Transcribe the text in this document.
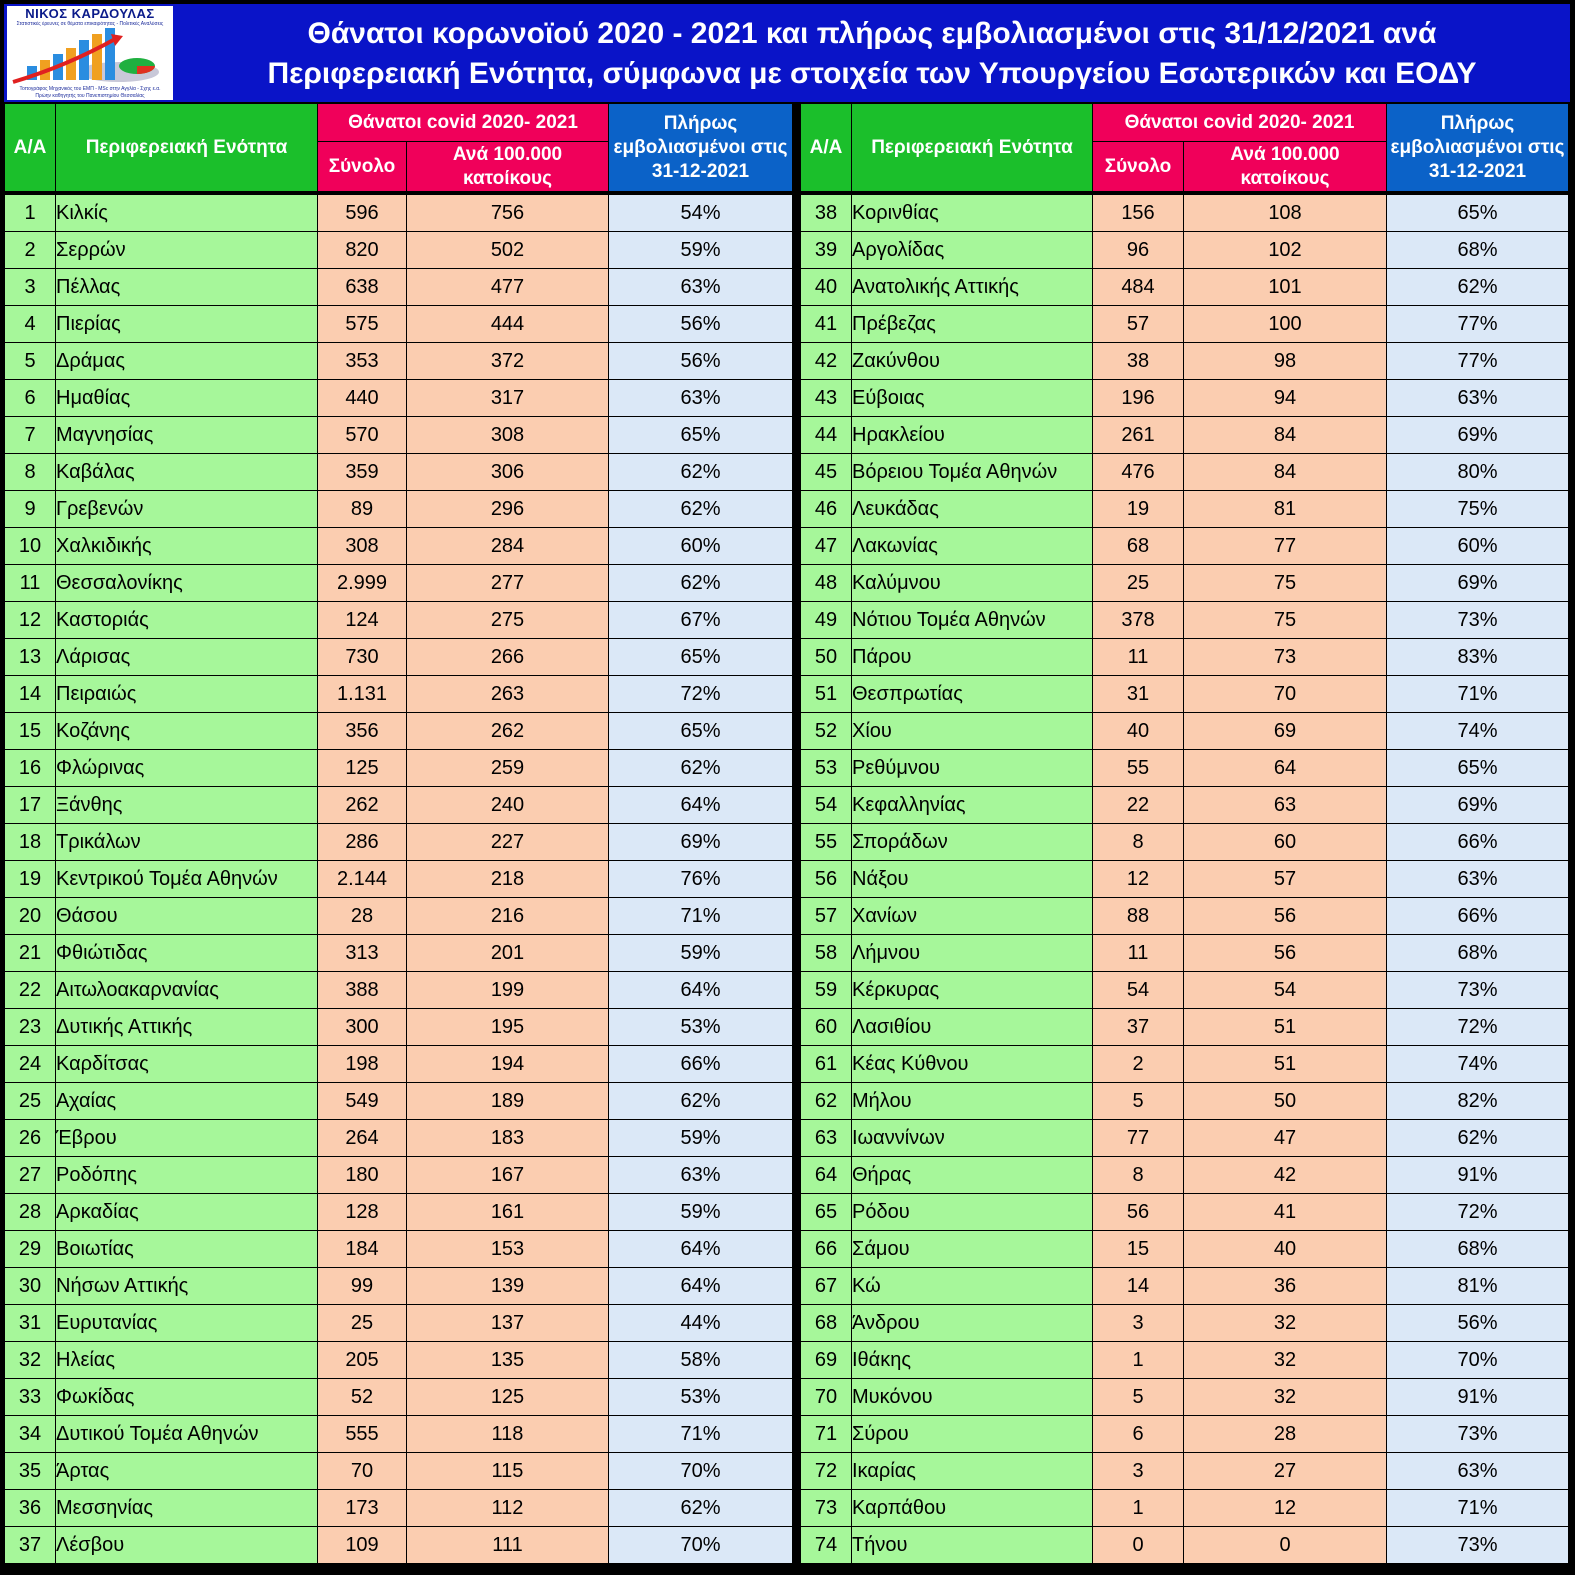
ΝΙΚΟΣ ΚΑΡΔΟΥΛΑΣ
Στατιστικές έρευνες σε θέματα επικαιρότητας - Πολιτικές Αναλύσεις
Τοπογράφος Μηχανικός του ΕΜΠ - MSc στην Αγγλία - Σχης ε.α.
Πρώην καθηγητής του Πανεπιστημίου Θεσσαλίας
Θάνατοι κορωνοϊού 2020 - 2021 και πλήρως εμβολιασμένοι στις 31/12/2021 ανά
Περιφερειακή Ενότητα, σύμφωνα με στοιχεία των Υπουργείου Εσωτερικών και ΕΟΔΥ
Α/Α	Περιφερειακή Ενότητα	Θάνατοι covid 2020- 2021		Πλήρως εμβολιασμένοι στις 31-12-2021		Α/Α	Περιφερειακή Ενότητα	Θάνατοι covid 2020- 2021		Πλήρως εμβολιασμένοι στις 31-12-2021
		Σύνολο	Ανά 100.000 κατοίκους					Σύνολο	Ανά 100.000 κατοίκους	

1	Κιλκίς	596	756	54%		38	Κορινθίας	156	108	65%
2	Σερρών	820	502	59%		39	Αργολίδας	96	102	68%
3	Πέλλας	638	477	63%		40	Ανατολικής Αττικής	484	101	62%
4	Πιερίας	575	444	56%		41	Πρέβεζας	57	100	77%
5	Δράμας	353	372	56%		42	Ζακύνθου	38	98	77%
6	Ημαθίας	440	317	63%		43	Εύβοιας	196	94	63%
7	Μαγνησίας	570	308	65%		44	Ηρακλείου	261	84	69%
8	Καβάλας	359	306	62%		45	Βόρειου Τομέα Αθηνών	476	84	80%
9	Γρεβενών	89	296	62%		46	Λευκάδας	19	81	75%
10	Χαλκιδικής	308	284	60%		47	Λακωνίας	68	77	60%
11	Θεσσαλονίκης	2.999	277	62%		48	Καλύμνου	25	75	69%
12	Καστοριάς	124	275	67%		49	Νότιου Τομέα Αθηνών	378	75	73%
13	Λάρισας	730	266	65%		50	Πάρου	11	73	83%
14	Πειραιώς	1.131	263	72%		51	Θεσπρωτίας	31	70	71%
15	Κοζάνης	356	262	65%		52	Χίου	40	69	74%
16	Φλώρινας	125	259	62%		53	Ρεθύμνου	55	64	65%
17	Ξάνθης	262	240	64%		54	Κεφαλληνίας	22	63	69%
18	Τρικάλων	286	227	69%		55	Σποράδων	8	60	66%
19	Κεντρικού Τομέα Αθηνών	2.144	218	76%		56	Νάξου	12	57	63%
20	Θάσου	28	216	71%		57	Χανίων	88	56	66%
21	Φθιώτιδας	313	201	59%		58	Λήμνου	11	56	68%
22	Αιτωλοακαρνανίας	388	199	64%		59	Κέρκυρας	54	54	73%
23	Δυτικής Αττικής	300	195	53%		60	Λασιθίου	37	51	72%
24	Καρδίτσας	198	194	66%		61	Κέας Κύθνου	2	51	74%
25	Αχαίας	549	189	62%		62	Μήλου	5	50	82%
26	Έβρου	264	183	59%		63	Ιωαννίνων	77	47	62%
27	Ροδόπης	180	167	63%		64	Θήρας	8	42	91%
28	Αρκαδίας	128	161	59%		65	Ρόδου	56	41	72%
29	Βοιωτίας	184	153	64%		66	Σάμου	15	40	68%
30	Νήσων Αττικής	99	139	64%		67	Κώ	14	36	81%
31	Ευρυτανίας	25	137	44%		68	Άνδρου	3	32	56%
32	Ηλείας	205	135	58%		69	Ιθάκης	1	32	70%
33	Φωκίδας	52	125	53%		70	Μυκόνου	5	32	91%
34	Δυτικού Τομέα Αθηνών	555	118	71%		71	Σύρου	6	28	73%
35	Άρτας	70	115	70%		72	Ικαρίας	3	27	63%
36	Μεσσηνίας	173	112	62%		73	Καρπάθου	1	12	71%
37	Λέσβου	109	111	70%		74	Τήνου	0	0	73%
